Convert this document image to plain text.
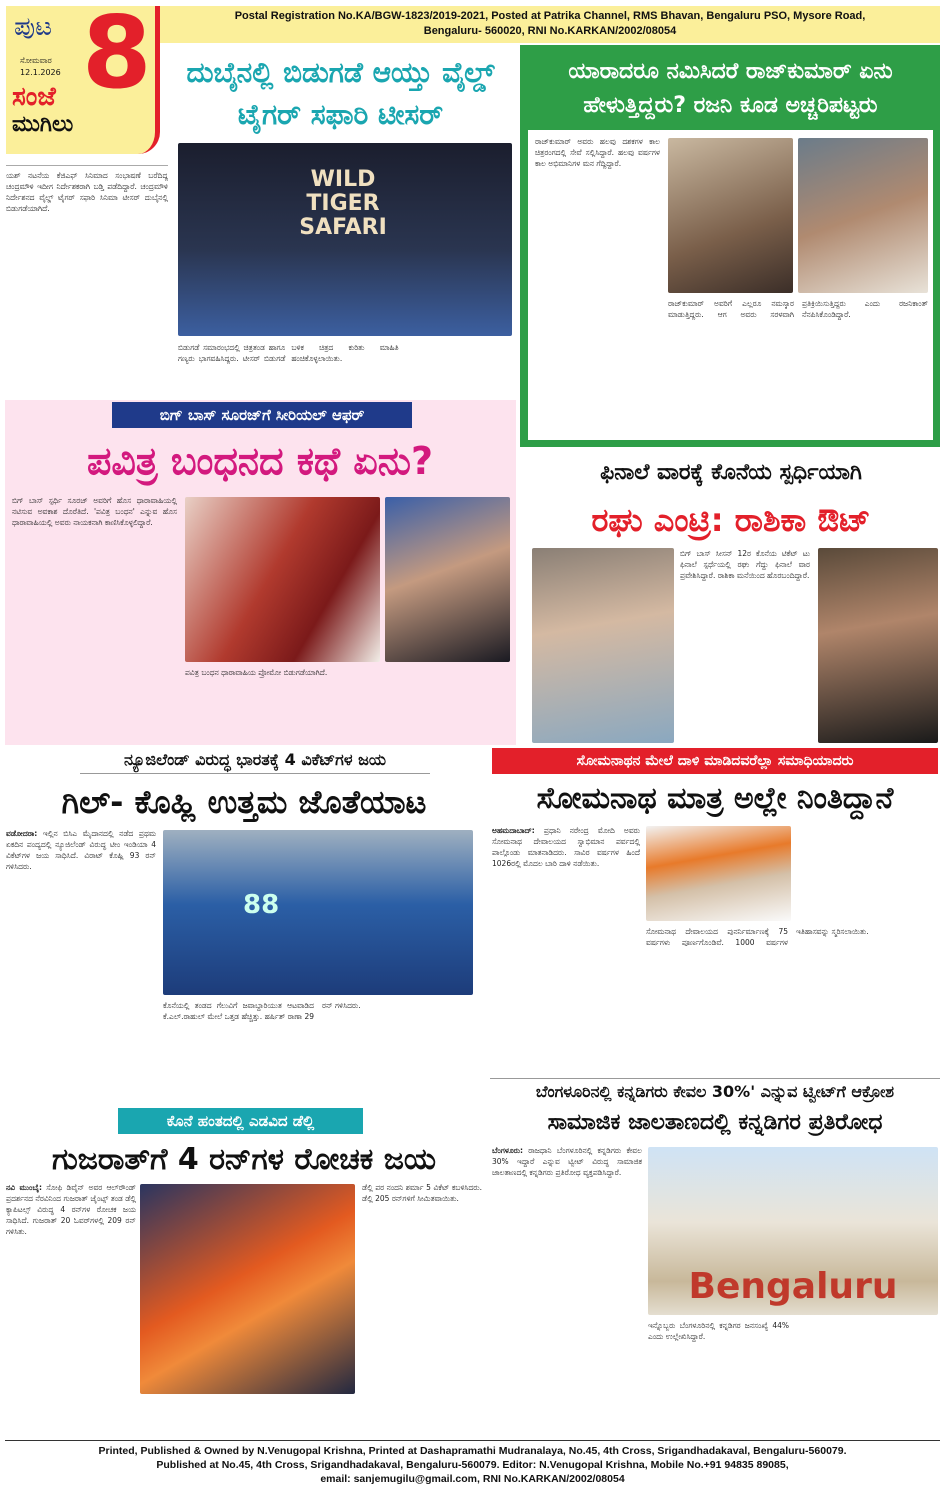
Postal Registration No.KA/BGW-1823/2019-2021, Posted at Patrika Channel, RMS Bhavan, Bengaluru PSO, Mysore Road,
Bengaluru- 560020, RNI No.KARKAN/2002/08054
ಪುಟ 8
ಸೋಮವಾರ
12.1.2026
ಸಂಜೆ
ಮುಗಿಲು
ದುಬೈನಲ್ಲಿ ಬಿಡುಗಡೆ ಆಯ್ತು ವೈಲ್ಡ್ ಟೈಗರ್ ಸಫಾರಿ ಟೀಸರ್
ಯಶ್ ನಟನೆಯ ಕೆಜಿಎಫ್ ಸಿನಿಮಾದ ಸಂಭಾಷಣೆ ಬರೆದಿದ್ದ ಚಂದ್ರಮೌಳಿ ಇದೀಗ ನಿರ್ದೇಶಕರಾಗಿ ಬಡ್ತಿ ಪಡೆದಿದ್ದಾರೆ. ಚಂದ್ರಮೌಳಿ ನಿರ್ದೇಶನದ ವೈಲ್ಡ್ ಟೈಗರ್ ಸಫಾರಿ ಸಿನಿಮಾ ಟೀಸರ್ ದುಬೈನಲ್ಲಿ ಬಿಡುಗಡೆಯಾಗಿದೆ.
WILD TIGER SAFARI
ಬಿಡುಗಡೆ ಸಮಾರಂಭದಲ್ಲಿ ಚಿತ್ರತಂಡ ಹಾಗೂ ಗಣ್ಯರು ಭಾಗವಹಿಸಿದ್ದರು. ಟೀಸರ್ ಬಿಡುಗಡೆ ಬಳಿಕ ಚಿತ್ರದ ಕುರಿತು ಮಾಹಿತಿ ಹಂಚಿಕೊಳ್ಳಲಾಯಿತು.
ಯಾರಾದರೂ ನಮಿಸಿದರೆ ರಾಜ್‌ಕುಮಾರ್ ಏನು ಹೇಳುತ್ತಿದ್ದರು? ರಜನಿ ಕೂಡ ಅಚ್ಚರಿಪಟ್ಟರು
ರಾಜ್‌ಕುಮಾರ್ ಅವರು ಹಲವು ದಶಕಗಳ ಕಾಲ ಚಿತ್ರರಂಗದಲ್ಲಿ ಸೇವೆ ಸಲ್ಲಿಸಿದ್ದಾರೆ. ಹಲವು ವರ್ಷಗಳ ಕಾಲ ಅಭಿಮಾನಿಗಳ ಮನ ಗೆದ್ದಿದ್ದಾರೆ.
ರಾಜ್‌ಕುಮಾರ್ ಅವರಿಗೆ ಎಲ್ಲರೂ ನಮಸ್ಕಾರ ಮಾಡುತ್ತಿದ್ದರು. ಆಗ ಅವರು ಸರಳವಾಗಿ ಪ್ರತಿಕ್ರಿಯಿಸುತ್ತಿದ್ದರು ಎಂದು ರಜನಿಕಾಂತ್ ನೆನಪಿಸಿಕೊಂಡಿದ್ದಾರೆ.
ಬಿಗ್ ಬಾಸ್ ಸೂರಜ್‌ಗೆ ಸೀರಿಯಲ್ ಆಫರ್
ಪವಿತ್ರ ಬಂಧನದ ಕಥೆ ಏನು?
ಬಿಗ್ ಬಾಸ್ ಸ್ಪರ್ಧಿ ಸೂರಜ್ ಅವರಿಗೆ ಹೊಸ ಧಾರಾವಾಹಿಯಲ್ಲಿ ನಟಿಸುವ ಅವಕಾಶ ದೊರೆತಿದೆ. 'ಪವಿತ್ರ ಬಂಧನ' ಎನ್ನುವ ಹೊಸ ಧಾರಾವಾಹಿಯಲ್ಲಿ ಅವರು ನಾಯಕನಾಗಿ ಕಾಣಿಸಿಕೊಳ್ಳಲಿದ್ದಾರೆ.
ಪವಿತ್ರ ಬಂಧನ ಧಾರಾವಾಹಿಯ ಪ್ರೋಮೋ ಬಿಡುಗಡೆಯಾಗಿದೆ.
ಫಿನಾಲೆ ವಾರಕ್ಕೆ ಕೊನೆಯ ಸ್ಪರ್ಧಿಯಾಗಿ
ರಘು ಎಂಟ್ರಿ: ರಾಶಿಕಾ ಔಟ್
ಬಿಗ್ ಬಾಸ್ ಸೀಸನ್ 12ರ ಕೊನೆಯ ಟಿಕೆಟ್ ಟು ಫಿನಾಲೆ ಸ್ಪರ್ಧೆಯಲ್ಲಿ ರಘು ಗೆದ್ದು ಫಿನಾಲೆ ವಾರ ಪ್ರವೇಶಿಸಿದ್ದಾರೆ. ರಾಶಿಕಾ ಮನೆಯಿಂದ ಹೊರಬಂದಿದ್ದಾರೆ.
ನ್ಯೂಜಿಲೆಂಡ್ ವಿರುದ್ಧ ಭಾರತಕ್ಕೆ 4 ವಿಕೆಟ್‌ಗಳ ಜಯ
ಗಿಲ್- ಕೊಹ್ಲಿ ಉತ್ತಮ ಜೊತೆಯಾಟ
ವಡೋದರಾ: ಇಲ್ಲಿನ ಬಿಸಿಎ ಮೈದಾನದಲ್ಲಿ ನಡೆದ ಪ್ರಥಮ ಏಕದಿನ ಪಂದ್ಯದಲ್ಲಿ ನ್ಯೂಜಿಲೆಂಡ್ ವಿರುದ್ಧ ಟೀಂ ಇಂಡಿಯಾ 4 ವಿಕೆಟ್‌ಗಳ ಜಯ ಸಾಧಿಸಿದೆ. ವಿರಾಟ್ ಕೊಹ್ಲಿ 93 ರನ್ ಗಳಿಸಿದರು.
88
ಕೊನೆಯಲ್ಲಿ ತಂಡದ ಗೆಲುವಿಗೆ ಜವಾಬ್ದಾರಿಯುತ ಆಟವಾಡಿದ ಕೆ.ಎಲ್.ರಾಹುಲ್ ಮೇಲೆ ಒತ್ತಡ ಹೆಚ್ಚಿತ್ತು. ಹರ್ಷಿತ್ ರಾಣಾ 29 ರನ್ ಗಳಿಸಿದರು.
ಸೋಮನಾಥನ ಮೇಲೆ ದಾಳಿ ಮಾಡಿದವರೆಲ್ಲಾ ಸಮಾಧಿಯಾದರು
ಸೋಮನಾಥ ಮಾತ್ರ ಅಲ್ಲೇ ನಿಂತಿದ್ದಾನೆ
ಅಹಮದಾಬಾದ್: ಪ್ರಧಾನಿ ನರೇಂದ್ರ ಮೋದಿ ಅವರು ಸೋಮನಾಥ ದೇವಾಲಯದ ಸ್ವಾಭಿಮಾನ ಪರ್ವದಲ್ಲಿ ಪಾಲ್ಗೊಂಡು ಮಾತನಾಡಿದರು. ಸಾವಿರ ವರ್ಷಗಳ ಹಿಂದೆ 1026ರಲ್ಲಿ ಮೊದಲ ಬಾರಿ ದಾಳಿ ನಡೆಯಿತು.
ಸೋಮನಾಥ ದೇವಾಲಯದ ಪುನರ್ನಿರ್ಮಾಣಕ್ಕೆ 75 ವರ್ಷಗಳು ಪೂರ್ಣಗೊಂಡಿವೆ. 1000 ವರ್ಷಗಳ ಇತಿಹಾಸವನ್ನು ಸ್ಮರಿಸಲಾಯಿತು.
ಬೆಂಗಳೂರಿನಲ್ಲಿ ಕನ್ನಡಿಗರು ಕೇವಲ 30%' ಎನ್ನುವ ಟ್ವೀಟ್‌ಗೆ ಆಕ್ರೋಶ
ಸಾಮಾಜಿಕ ಜಾಲತಾಣದಲ್ಲಿ ಕನ್ನಡಿಗರ ಪ್ರತಿರೋಧ
ಬೆಂಗಳೂರು: ರಾಜಧಾನಿ ಬೆಂಗಳೂರಿನಲ್ಲಿ ಕನ್ನಡಿಗರು ಕೇವಲ 30% ಇದ್ದಾರೆ ಎನ್ನುವ ಟ್ವೀಟ್ ವಿರುದ್ಧ ಸಾಮಾಜಿಕ ಜಾಲತಾಣದಲ್ಲಿ ಕನ್ನಡಿಗರು ಪ್ರತಿರೋಧ ವ್ಯಕ್ತಪಡಿಸಿದ್ದಾರೆ.
Bengaluru
ಇನ್ನೊಬ್ಬರು ಬೆಂಗಳೂರಿನಲ್ಲಿ ಕನ್ನಡಿಗರ ಜನಸಂಖ್ಯೆ 44% ಎಂದು ಉಲ್ಲೇಖಿಸಿದ್ದಾರೆ.
ಕೊನೆ ಹಂತದಲ್ಲಿ ಎಡವಿದ ಡೆಲ್ಲಿ
ಗುಜರಾತ್‌ಗೆ 4 ರನ್‌ಗಳ ರೋಚಕ ಜಯ
ನವಿ ಮುಂಬೈ: ಸೋಫಿ ಡಿವೈನ್ ಅವರ ಆಲ್‌ರೌಂಡ್ ಪ್ರದರ್ಶನದ ನೆರವಿನಿಂದ ಗುಜರಾತ್ ಜೈಂಟ್ಸ್ ತಂಡ ಡೆಲ್ಲಿ ಕ್ಯಾಪಿಟಲ್ಸ್ ವಿರುದ್ಧ 4 ರನ್‌ಗಳ ರೋಚಕ ಜಯ ಸಾಧಿಸಿದೆ. ಗುಜರಾತ್ 20 ಓವರ್‌ಗಳಲ್ಲಿ 209 ರನ್ ಗಳಿಸಿತು.
ಡೆಲ್ಲಿ ಪರ ನಂದನಿ ಶರ್ಮಾ 5 ವಿಕೆಟ್ ಕಬಳಿಸಿದರು. ಡೆಲ್ಲಿ 205 ರನ್‌ಗಳಿಗೆ ಸೀಮಿತವಾಯಿತು.
Printed, Published & Owned by N.Venugopal Krishna, Printed at Dashapramathi Mudranalaya, No.45, 4th Cross, Srigandhadakaval, Bengaluru-560079.
Published at No.45, 4th Cross, Srigandhadakaval, Bengaluru-560079. Editor: N.Venugopal Krishna, Mobile No.+91 94835 89085,
email: sanjemugilu@gmail.com, RNI No.KARKAN/2002/08054
